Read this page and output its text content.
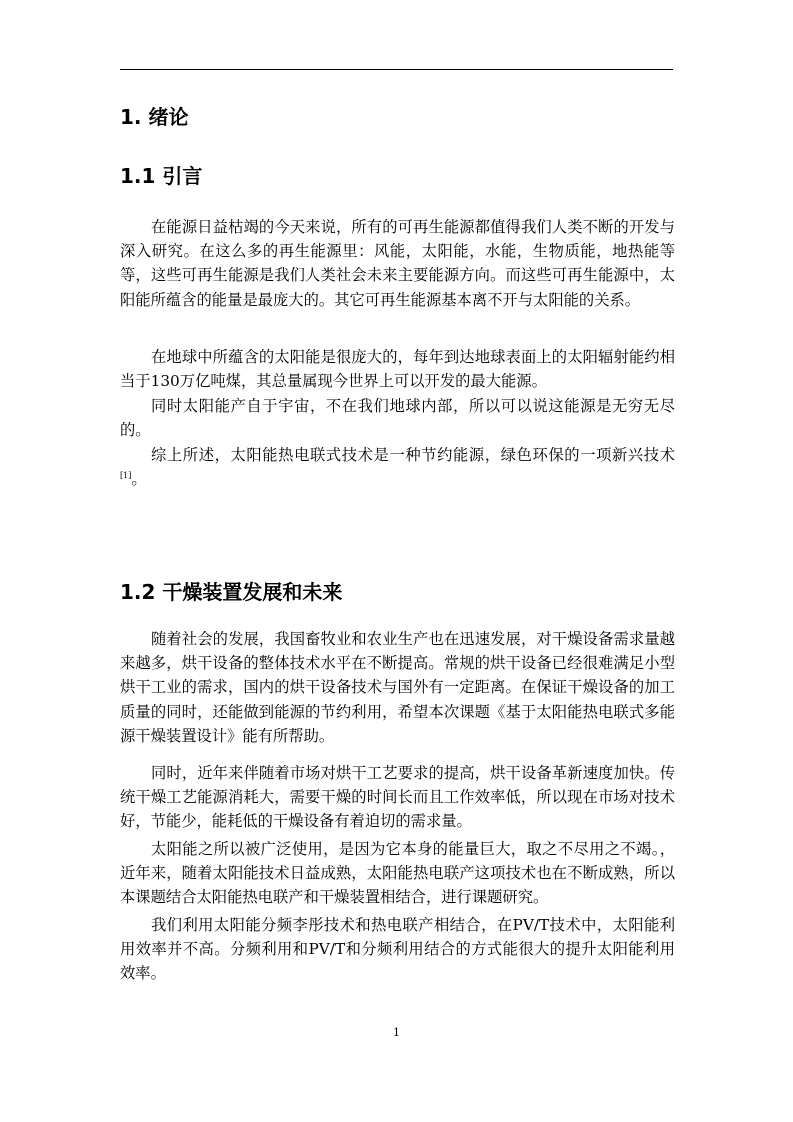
1. 绪论
1.1 引言

在能源日益枯竭的今天来说，所有的可再生能源都值得我们人类不断的开发与深入研究。在这么多的再生能源里：风能，太阳能，水能，生物质能，地热能等等，这些可再生能源是我们人类社会未来主要能源方向。而这些可再生能源中，太阳能所蕴含的能量是最庞大的。其它可再生能源基本离不开与太阳能的关系。

在地球中所蕴含的太阳能是很庞大的，每年到达地球表面上的太阳辐射能约相当于130万亿吨煤，其总量属现今世界上可以开发的最大能源。

同时太阳能产自于宇宙，不在我们地球内部，所以可以说这能源是无穷无尽的。

综上所述，太阳能热电联式技术是一种节约能源，绿色环保的一项新兴技术[1]。

1.2 干燥装置发展和未来

随着社会的发展，我国畜牧业和农业生产也在迅速发展，对干燥设备需求量越来越多，烘干设备的整体技术水平在不断提高。常规的烘干设备已经很难满足小型烘干工业的需求，国内的烘干设备技术与国外有一定距离。在保证干燥设备的加工质量的同时，还能做到能源的节约利用，希望本次课题《基于太阳能热电联式多能源干燥装置设计》能有所帮助。

同时，近年来伴随着市场对烘干工艺要求的提高，烘干设备革新速度加快。传统干燥工艺能源消耗大，需要干燥的时间长而且工作效率低，所以现在市场对技术好，节能少，能耗低的干燥设备有着迫切的需求量。

太阳能之所以被广泛使用，是因为它本身的能量巨大，取之不尽用之不竭。，近年来，随着太阳能技术日益成熟，太阳能热电联产这项技术也在不断成熟，所以本课题结合太阳能热电联产和干燥装置相结合，进行课题研究。

我们利用太阳能分频李彤技术和热电联产相结合，在PV/T技术中，太阳能利用效率并不高。分频利用和PV/T和分频利用结合的方式能很大的提升太阳能利用效率。

1
